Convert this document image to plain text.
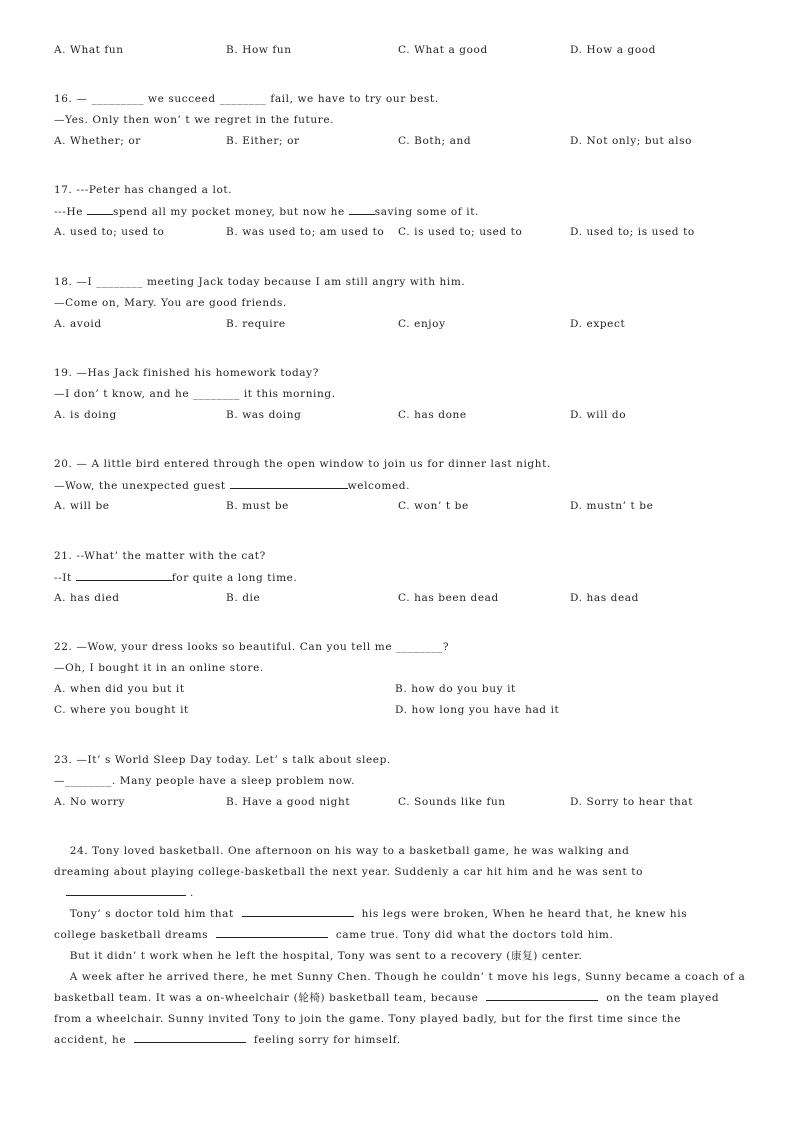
A. What fun	B. How fun	C. What a good	D. How a good
16. — _________ we succeed ________ fail, we have to try our best.
—Yes. Only then won’ t we regret in the future.
A. Whether; or	B. Either; or	C. Both; and	D. Not only; but also
17. ---Peter has changed a lot.
---He spend all my pocket money, but now he saving some of it.
A. used to; used to	B. was used to; am used to C. is used to; used to	D. used to; is used to
18. —I ________ meeting Jack today because I am still angry with him.
—Come on, Mary. You are good friends.
A. avoid	B. require	C. enjoy	D. expect
19. —Has Jack finished his homework today?
—I don’ t know, and he ________ it this morning.
A. is doing	B. was doing	C. has done	D. will do
20. — A little bird entered through the open window to join us for dinner last night.
—Wow, the unexpected guest	welcomed.
A. will be	B. must be	C. won’ t be	D. mustn’ t be
21. --What’ the matter with the cat?
--It	for quite a long time.
A. has died	B. die	C. has been dead	D. has dead
22. —Wow, your dress looks so beautiful. Can you tell me ________?
—Oh, I bought it in an online store.
A. when did you but it	B. how do you buy it
C. where you bought it	D. how long you have had it
23. —It’ s World Sleep Day today. Let’ s talk about sleep.
—________. Many people have a sleep problem now.
A. No worry	B. Have a good night	C. Sounds like fun	D. Sorry to hear that
24. Tony loved basketball. One afternoon on his way to a basketball game, he was walking and
dreaming about playing college-basketball the next year. Suddenly a car hit him and he was sent to
.
Tony’ s doctor told him that	his legs were broken, When he heard that, he knew his
college basketball dreams	came true. Tony did what the doctors told him.
But it didn’ t work when he left the hospital, Tony was sent to a recovery (康复) center.
A week after he arrived there, he met Sunny Chen. Though he couldn’ t move his legs, Sunny became a coach of a
basketball team. It was a on-wheelchair (轮椅) basketball team, because	on the team played
from a wheelchair. Sunny invited Tony to join the game. Tony played badly, but for the first time since the
accident, he	feeling sorry for himself.
